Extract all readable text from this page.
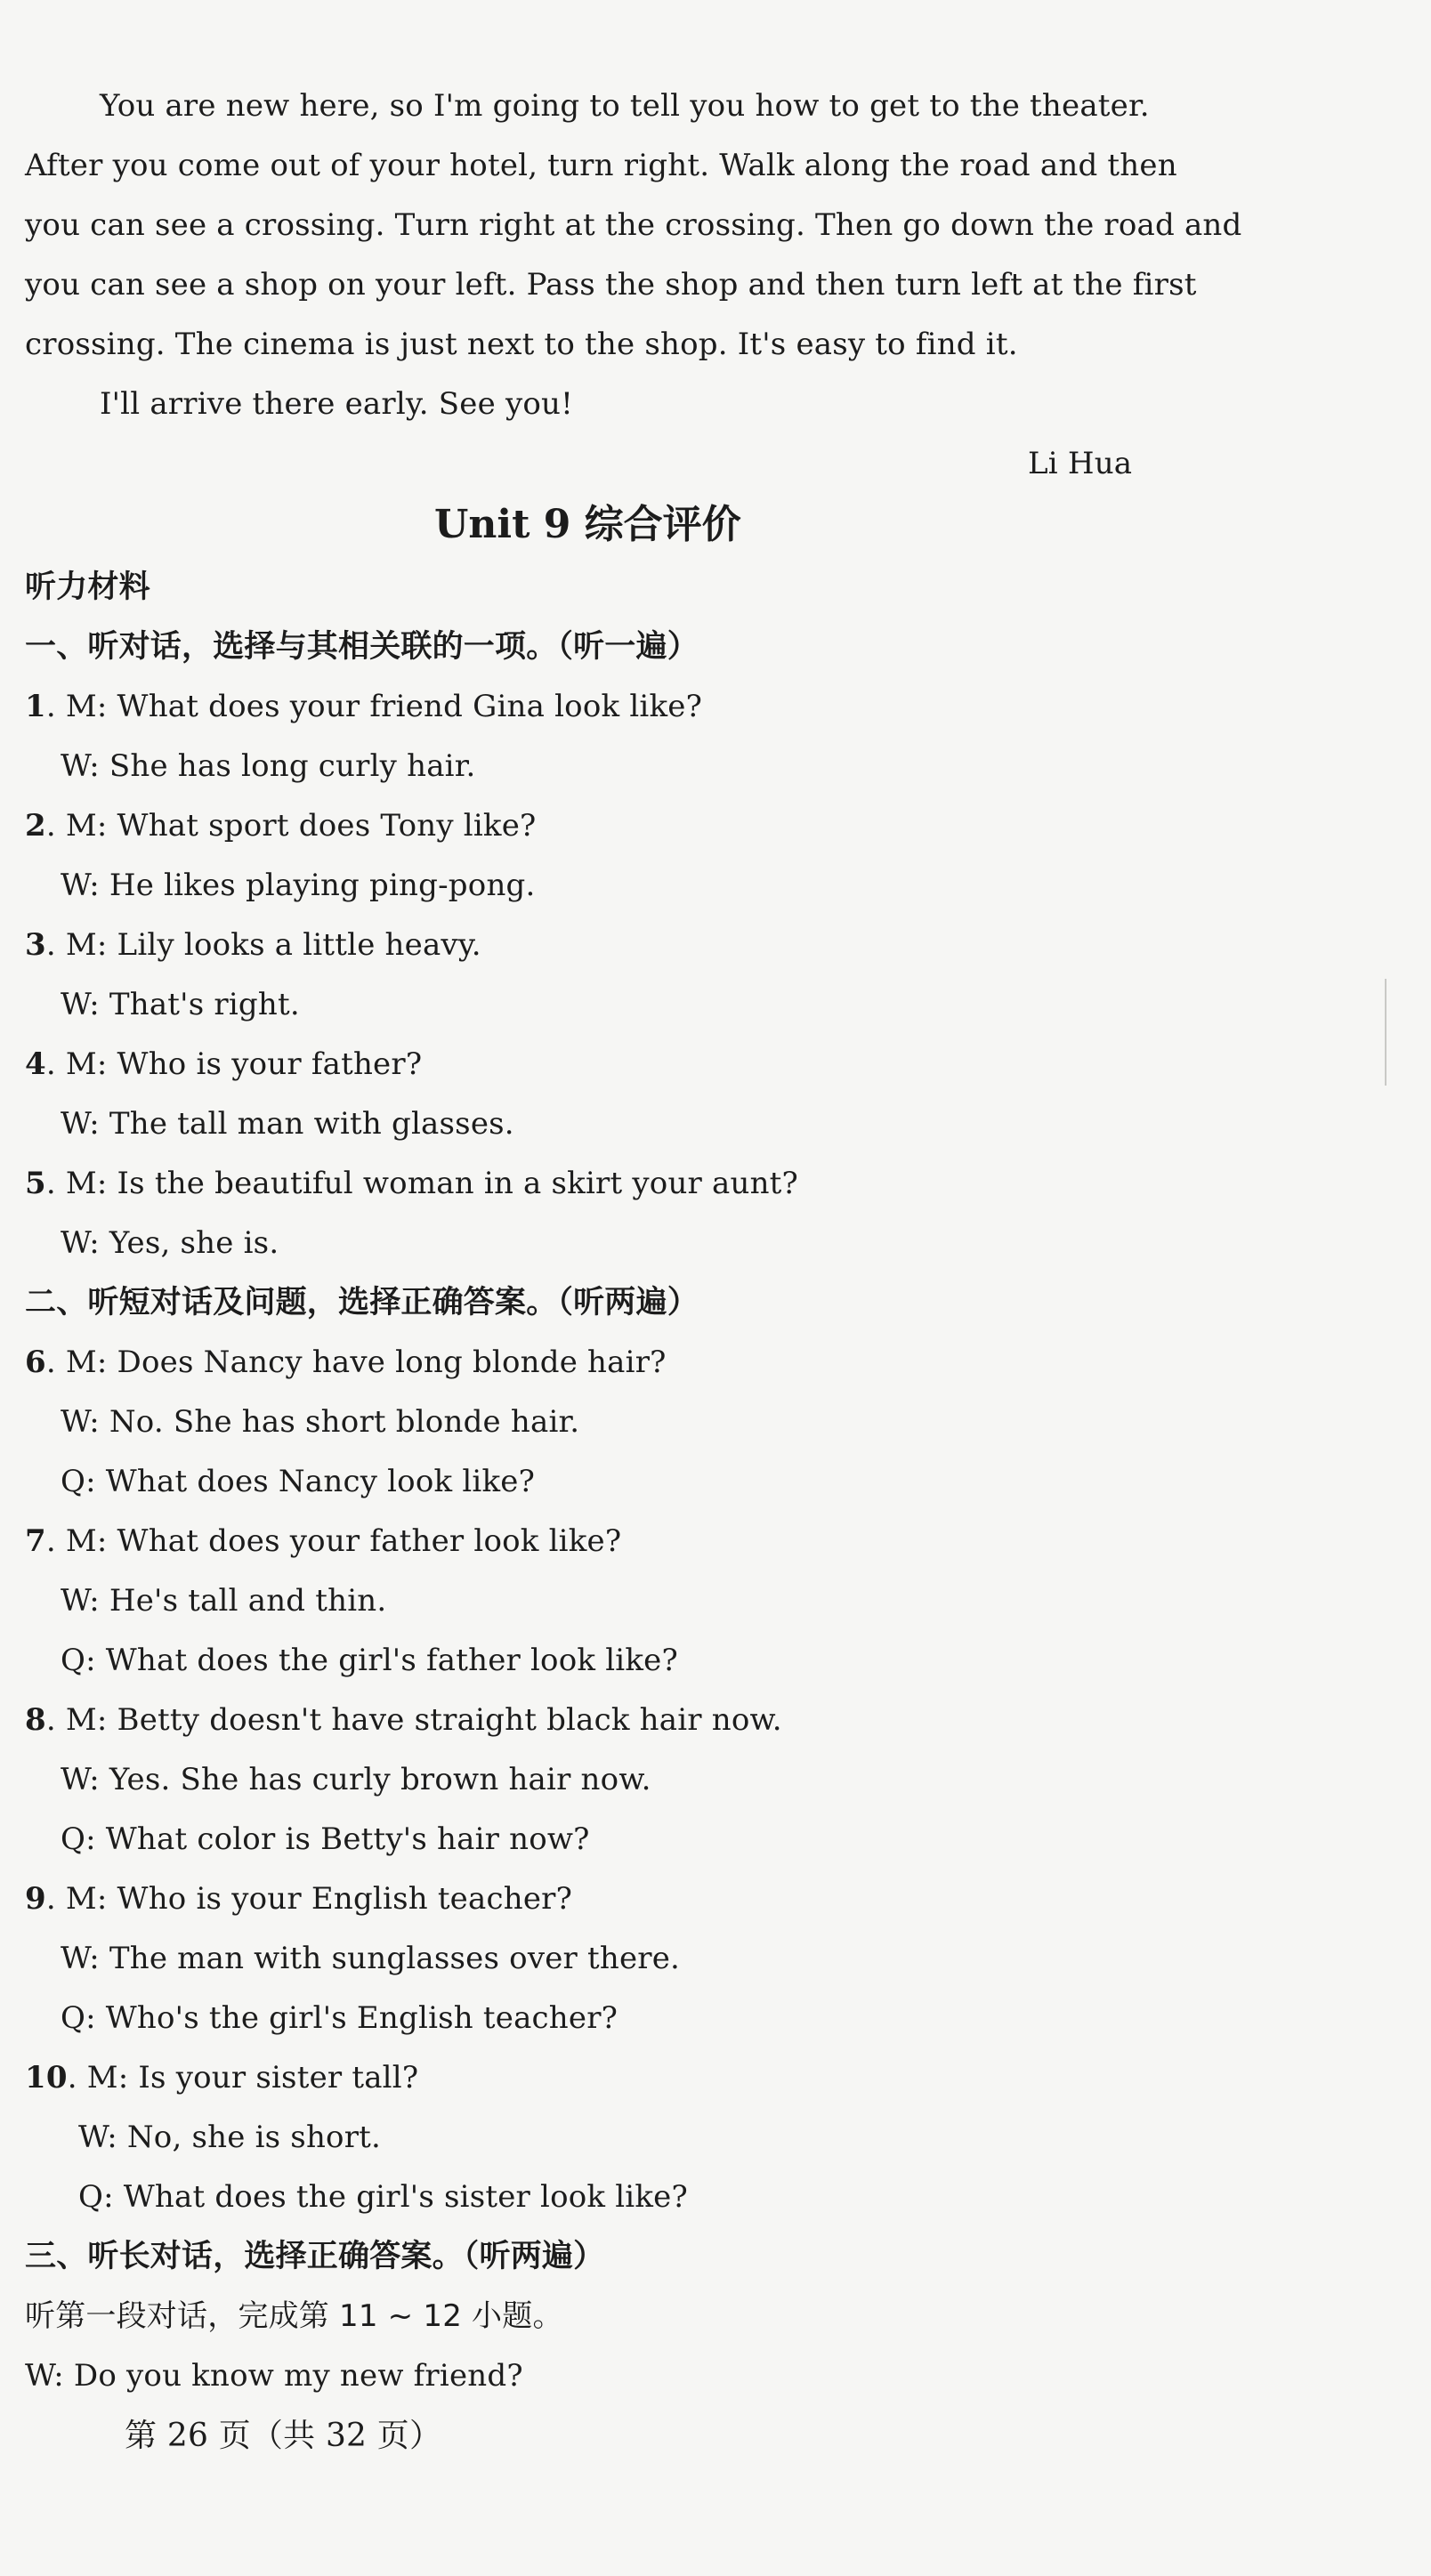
You are new here, so I'm going to tell you how to get to the theater.
After you come out of your hotel, turn right. Walk along the road and then
you can see a crossing. Turn right at the crossing. Then go down the road and
you can see a shop on your left. Pass the shop and then turn left at the first
crossing. The cinema is just next to the shop. It's easy to find it.
I'll arrive there early. See you!
Li Hua
Unit 9 综合评价
听力材料
一、听对话，选择与其相关联的一项。（听一遍）
1. M: What does your friend Gina look like?
W: She has long curly hair.
2. M: What sport does Tony like?
W: He likes playing ping-pong.
3. M: Lily looks a little heavy.
W: That's right.
4. M: Who is your father?
W: The tall man with glasses.
5. M: Is the beautiful woman in a skirt your aunt?
W: Yes, she is.
二、听短对话及问题，选择正确答案。（听两遍）
6. M: Does Nancy have long blonde hair?
W: No. She has short blonde hair.
Q: What does Nancy look like?
7. M: What does your father look like?
W: He's tall and thin.
Q: What does the girl's father look like?
8. M: Betty doesn't have straight black hair now.
W: Yes. She has curly brown hair now.
Q: What color is Betty's hair now?
9. M: Who is your English teacher?
W: The man with sunglasses over there.
Q: Who's the girl's English teacher?
10. M: Is your sister tall?
W: No, she is short.
Q: What does the girl's sister look like?
三、听长对话，选择正确答案。（听两遍）
听第一段对话，完成第 11 ~ 12 小题。
W: Do you know my new friend?
第 26 页（共 32 页）
